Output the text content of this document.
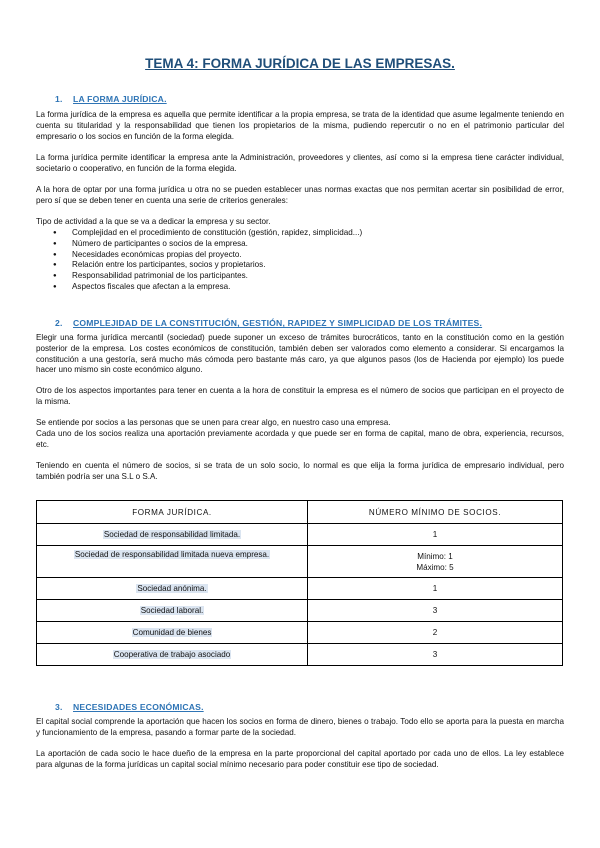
TEMA 4: FORMA JURÍDICA DE LAS EMPRESAS.
1. LA FORMA JURÍDICA.

La forma jurídica de la empresa es aquella que permite identificar a la propia empresa, se trata de la identidad que asume legalmente teniendo en cuenta su titularidad y la responsabilidad que tienen los propietarios de la misma, pudiendo repercutir o no en el patrimonio particular del empresario o los socios en función de la forma elegida.

La forma jurídica permite identificar la empresa ante la Administración, proveedores y clientes, así como si la empresa tiene carácter individual, societario o cooperativo, en función de la forma elegida.

A la hora de optar por una forma jurídica u otra no se pueden establecer unas normas exactas que nos permitan acertar sin posibilidad de error, pero sí que se deben tener en cuenta una serie de criterios generales:

Tipo de actividad a la que se va a dedicar la empresa y su sector.

● Complejidad en el procedimiento de constitución (gestión, rapidez, simplicidad...)
● Número de participantes o socios de la empresa.
● Necesidades económicas propias del proyecto.
● Relación entre los participantes, socios y propietarios.
● Responsabilidad patrimonial de los participantes.
● Aspectos fiscales que afectan a la empresa.
2. COMPLEJIDAD DE LA CONSTITUCIÓN, GESTIÓN, RAPIDEZ Y SIMPLICIDAD DE LOS TRÁMITES.

Elegir una forma jurídica mercantil (sociedad) puede suponer un exceso de trámites burocráticos, tanto en la constitución como en la gestión posterior de la empresa. Los costes económicos de constitución, también deben ser valorados como elemento a considerar. Si encargamos la constitución a una gestoría, será mucho más cómoda pero bastante más caro, ya que algunos pasos (los de Hacienda por ejemplo) los puede hacer uno mismo sin coste económico alguno.

Otro de los aspectos importantes para tener en cuenta a la hora de constituir la empresa es el número de socios que participan en el proyecto de la misma.

Se entiende por socios a las personas que se unen para crear algo, en nuestro caso una empresa.

Cada uno de los socios realiza una aportación previamente acordada y que puede ser en forma de capital, mano de obra, experiencia, recursos, etc.

Teniendo en cuenta el número de socios, si se trata de un solo socio, lo normal es que elija la forma jurídica de empresario individual, pero también podría ser una S.L o S.A.

FORMA JURÍDICA.	NÚMERO MÍNIMO DE SOCIOS.
Sociedad de responsabilidad limitada.	1
Sociedad de responsabilidad limitada nueva empresa.	Mínimo: 1
Máximo: 5

Sociedad anónima.	1
Sociedad laboral.	3
Comunidad de bienes	2
Cooperativa de trabajo asociado	3
3. NECESIDADES ECONÓMICAS.

El capital social comprende la aportación que hacen los socios en forma de dinero, bienes o trabajo. Todo ello se aporta para la puesta en marcha y funcionamiento de la empresa, pasando a formar parte de la sociedad.

La aportación de cada socio le hace dueño de la empresa en la parte proporcional del capital aportado por cada uno de ellos. La ley establece para algunas de la forma jurídicas un capital social mínimo necesario para poder constituir ese tipo de sociedad.
